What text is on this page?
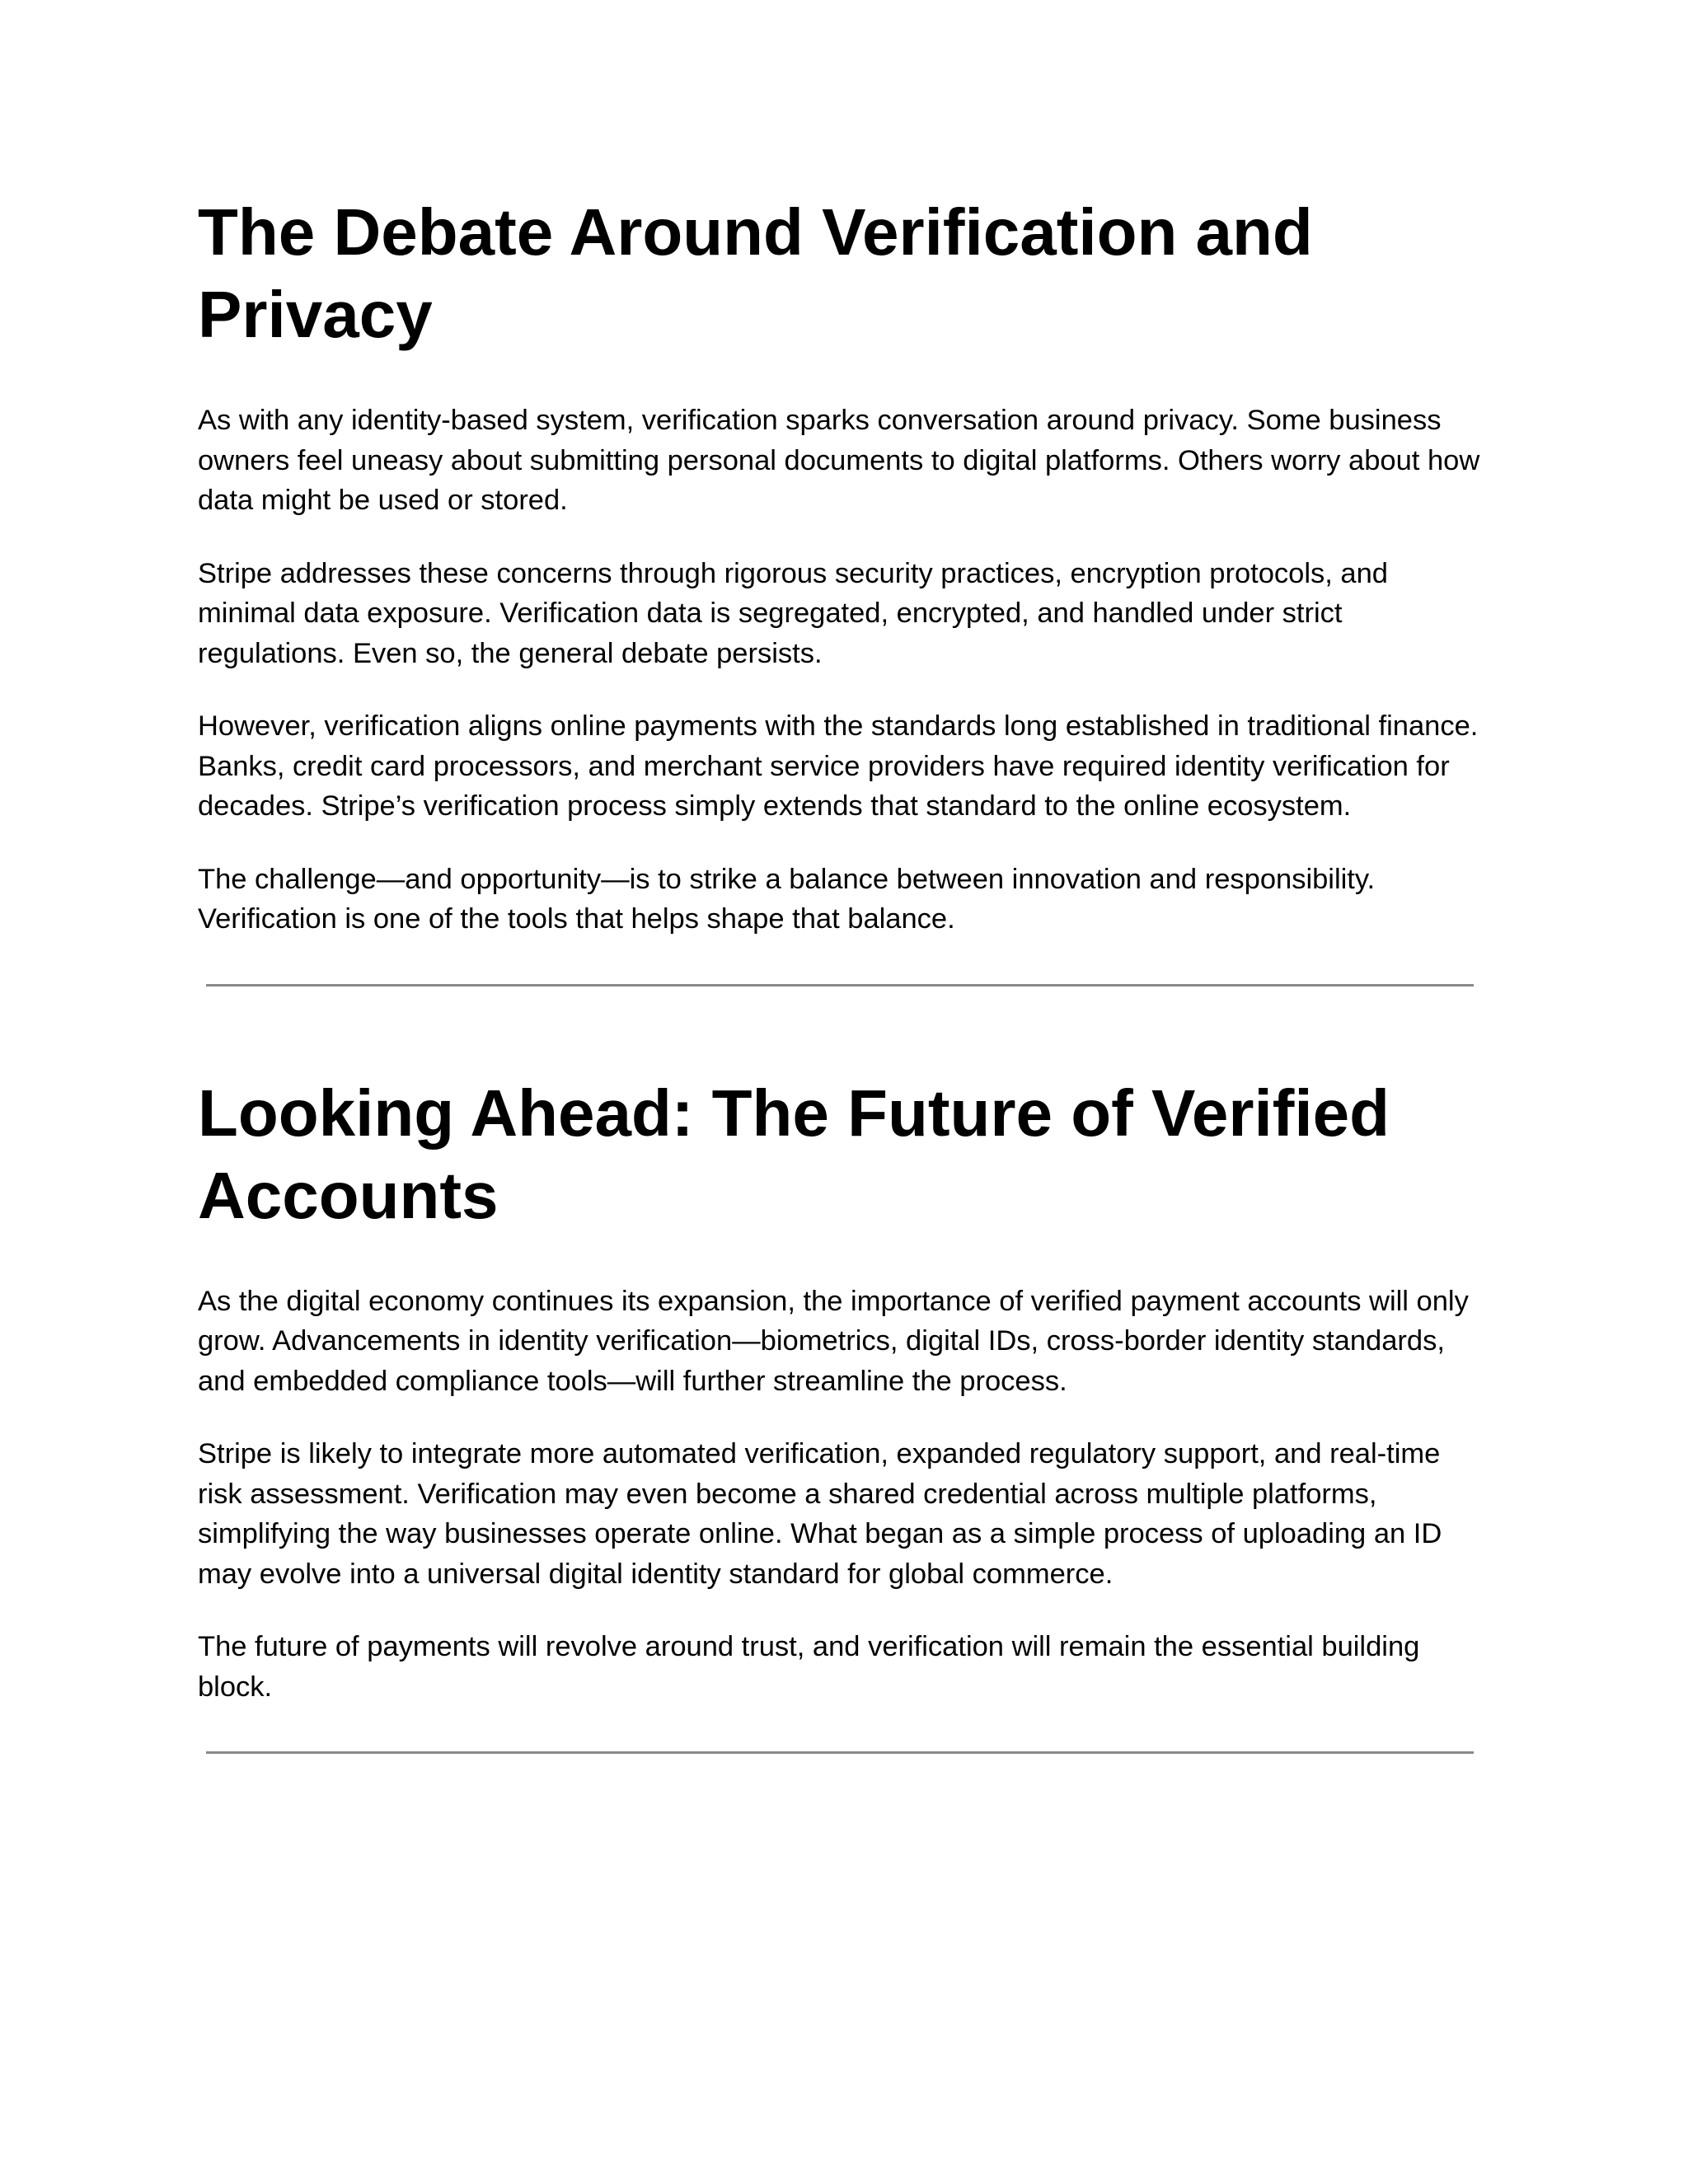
The Debate Around Verification and Privacy

As with any identity-based system, verification sparks conversation around privacy. Some business owners feel uneasy about submitting personal documents to digital platforms. Others worry about how data might be used or stored.

Stripe addresses these concerns through rigorous security practices, encryption protocols, and minimal data exposure. Verification data is segregated, encrypted, and handled under strict regulations. Even so, the general debate persists.

However, verification aligns online payments with the standards long established in traditional finance. Banks, credit card processors, and merchant service providers have required identity verification for decades. Stripe’s verification process simply extends that standard to the online ecosystem.

The challenge—and opportunity—is to strike a balance between innovation and responsibility. Verification is one of the tools that helps shape that balance.

Looking Ahead: The Future of Verified Accounts

As the digital economy continues its expansion, the importance of verified payment accounts will only grow. Advancements in identity verification—biometrics, digital IDs, cross-border identity standards, and embedded compliance tools—will further streamline the process.

Stripe is likely to integrate more automated verification, expanded regulatory support, and real-time risk assessment. Verification may even become a shared credential across multiple platforms, simplifying the way businesses operate online. What began as a simple process of uploading an ID may evolve into a universal digital identity standard for global commerce.

The future of payments will revolve around trust, and verification will remain the essential building block.
